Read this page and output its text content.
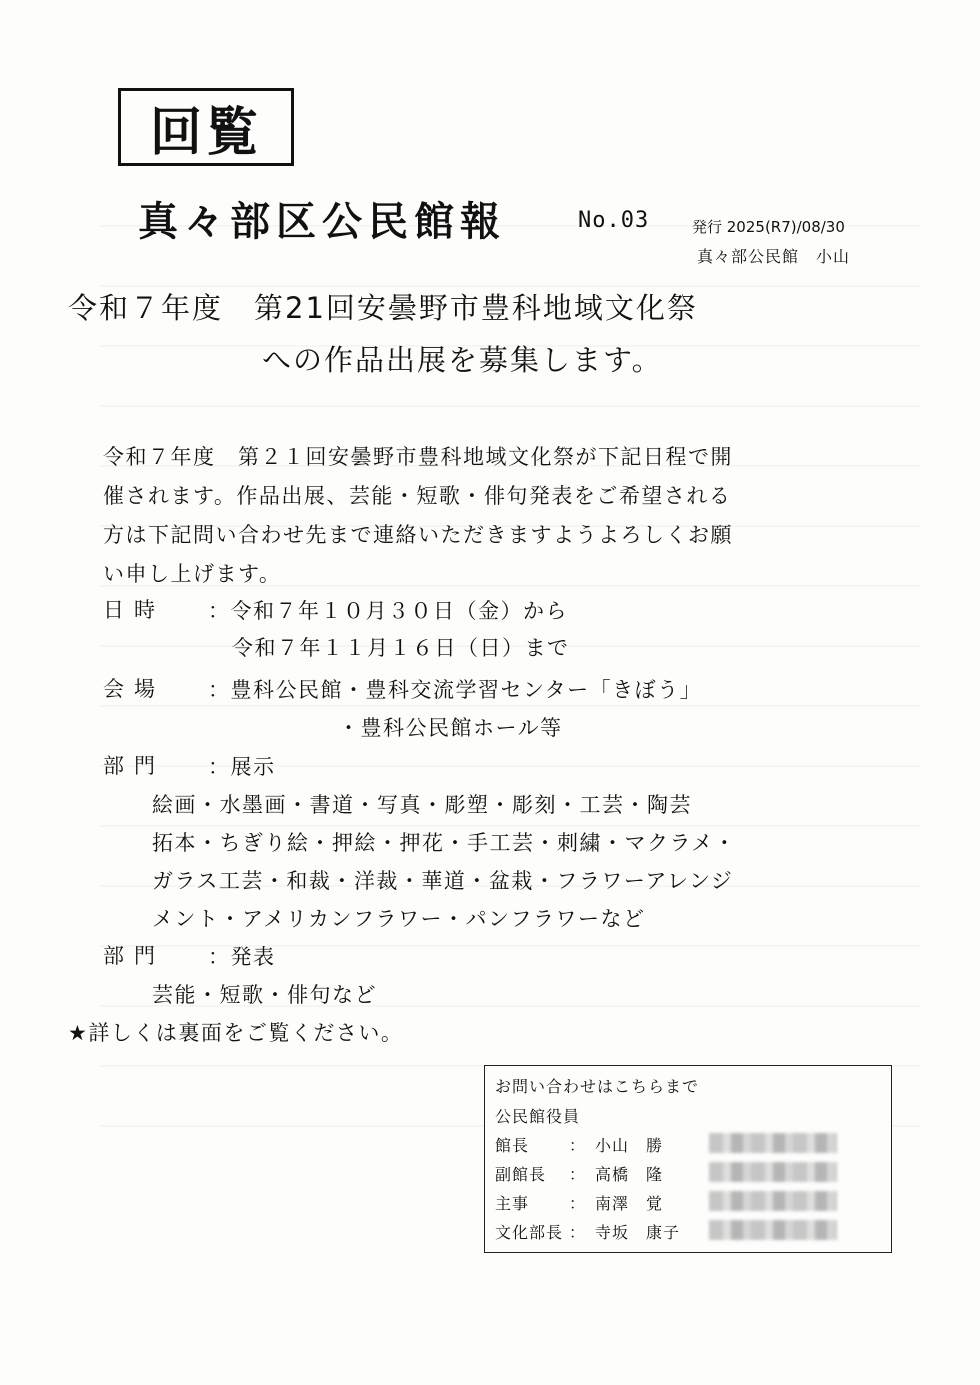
回覧
真々部区公民館報	No.03	発行 2025(R7)/08/30
真々部公民館　小山
令和７年度　第21回安曇野市豊科地域文化祭
への作品出展を募集します。
令和７年度　第２１回安曇野市豊科地域文化祭が下記日程で開
催されます。作品出展、芸能・短歌・俳句発表をご希望される
方は下記問い合わせ先まで連絡いただきますようよろしくお願
い申し上げます。
日時 ：令和７年１０月３０日（金）から
令和７年１１月１６日（日）まで
会場 ：豊科公民館・豊科交流学習センター「きぼう」
・豊科公民館ホール等
部門 ：展示
絵画・水墨画・書道・写真・彫塑・彫刻・工芸・陶芸
拓本・ちぎり絵・押絵・押花・手工芸・刺繍・マクラメ・
ガラス工芸・和裁・洋裁・華道・盆栽・フラワーアレンジ
メント・アメリカンフラワー・パンフラワーなど
部門 ：発表
芸能・短歌・俳句など
★詳しくは裏面をご覧ください。
お問い合わせはこちらまで
公民館役員
館長 ： 小山　勝
副館長 ： 高橋　隆
主事 ： 南澤　覚
文化部長 ： 寺坂　康子
